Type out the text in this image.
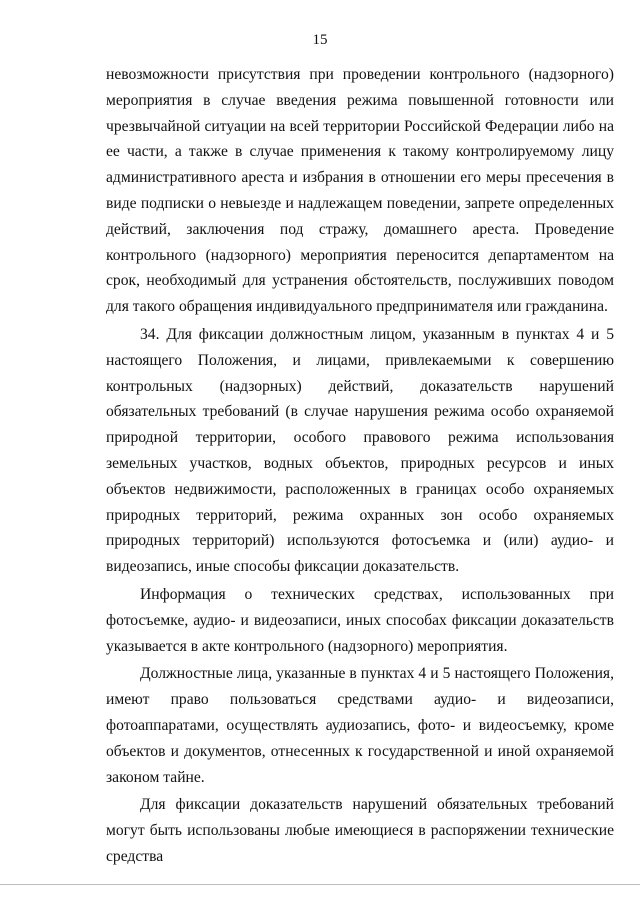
15

невозможности присутствия при проведении контрольного (надзорного) мероприятия в случае введения режима повышенной готовности или чрезвычайной ситуации на всей территории Российской Федерации либо на ее части, а также в случае применения к такому контролируемому лицу административного ареста и избрания в отношении его меры пресечения в виде подписки о невыезде и надлежащем поведении, запрете определенных действий, заключения под стражу, домашнего ареста. Проведение контрольного (надзорного) мероприятия переносится департаментом на срок, необходимый для устранения обстоятельств, послуживших поводом для такого обращения индивидуального предпринимателя или гражданина.

34. Для фиксации должностным лицом, указанным в пунктах 4 и 5 настоящего Положения, и лицами, привлекаемыми к совершению контрольных (надзорных) действий, доказательств нарушений обязательных требований (в случае нарушения режима особо охраняемой природной территории, особого правового режима использования земельных участков, водных объектов, природных ресурсов и иных объектов недвижимости, расположенных в границах особо охраняемых природных территорий, режима охранных зон особо охраняемых природных территорий) используются фотосъемка и (или) аудио- и видеозапись, иные способы фиксации доказательств.

Информация о технических средствах, использованных при фотосъемке, аудио- и видеозаписи, иных способах фиксации доказательств указывается в акте контрольного (надзорного) мероприятия.

Должностные лица, указанные в пунктах 4 и 5 настоящего Положения, имеют право пользоваться средствами аудио- и видеозаписи, фотоаппаратами, осуществлять аудиозапись, фото- и видеосъемку, кроме объектов и документов, отнесенных к государственной и иной охраняемой законом тайне.

Для фиксации доказательств нарушений обязательных требований могут быть использованы любые имеющиеся в распоряжении технические средства
